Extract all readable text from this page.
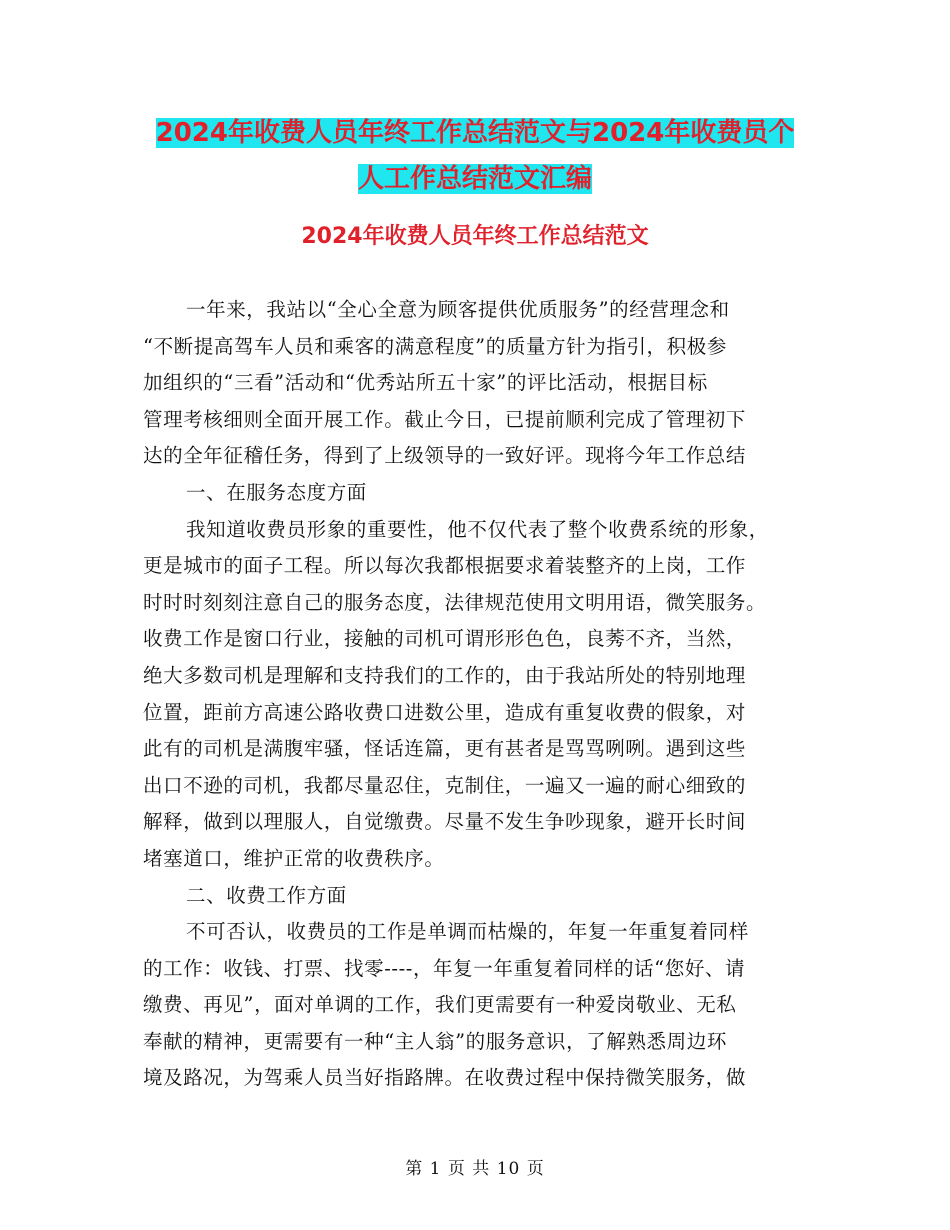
2024年收费人员年终工作总结范文与2024年收费员个
人工作总结范文汇编
2024年收费人员年终工作总结范文
一年来，我站以“全心全意为顾客提供优质服务”的经营理念和
“不断提高驾车人员和乘客的满意程度”的质量方针为指引，积极参
加组织的“三看”活动和“优秀站所五十家”的评比活动，根据目标
管理考核细则全面开展工作。截止今日，已提前顺利完成了管理初下
达的全年征稽任务，得到了上级领导的一致好评。现将今年工作总结
一、在服务态度方面
我知道收费员形象的重要性，他不仅代表了整个收费系统的形象，
更是城市的面子工程。所以每次我都根据要求着装整齐的上岗，工作
时时时刻刻注意自己的服务态度，法律规范使用文明用语，微笑服务。
收费工作是窗口行业，接触的司机可谓形形色色，良莠不齐，当然，
绝大多数司机是理解和支持我们的工作的，由于我站所处的特别地理
位置，距前方高速公路收费口进数公里，造成有重复收费的假象，对
此有的司机是满腹牢骚，怪话连篇，更有甚者是骂骂咧咧。遇到这些
出口不逊的司机，我都尽量忍住，克制住，一遍又一遍的耐心细致的
解释，做到以理服人，自觉缴费。尽量不发生争吵现象，避开长时间
堵塞道口，维护正常的收费秩序。
二、收费工作方面
不可否认，收费员的工作是单调而枯燥的，年复一年重复着同样
的工作：收钱、打票、找零----，年复一年重复着同样的话“您好、请
缴费、再见”，面对单调的工作，我们更需要有一种爱岗敬业、无私
奉献的精神，更需要有一种“主人翁”的服务意识，了解熟悉周边环
境及路况，为驾乘人员当好指路牌。在收费过程中保持微笑服务，做
第 1 页 共 10 页
